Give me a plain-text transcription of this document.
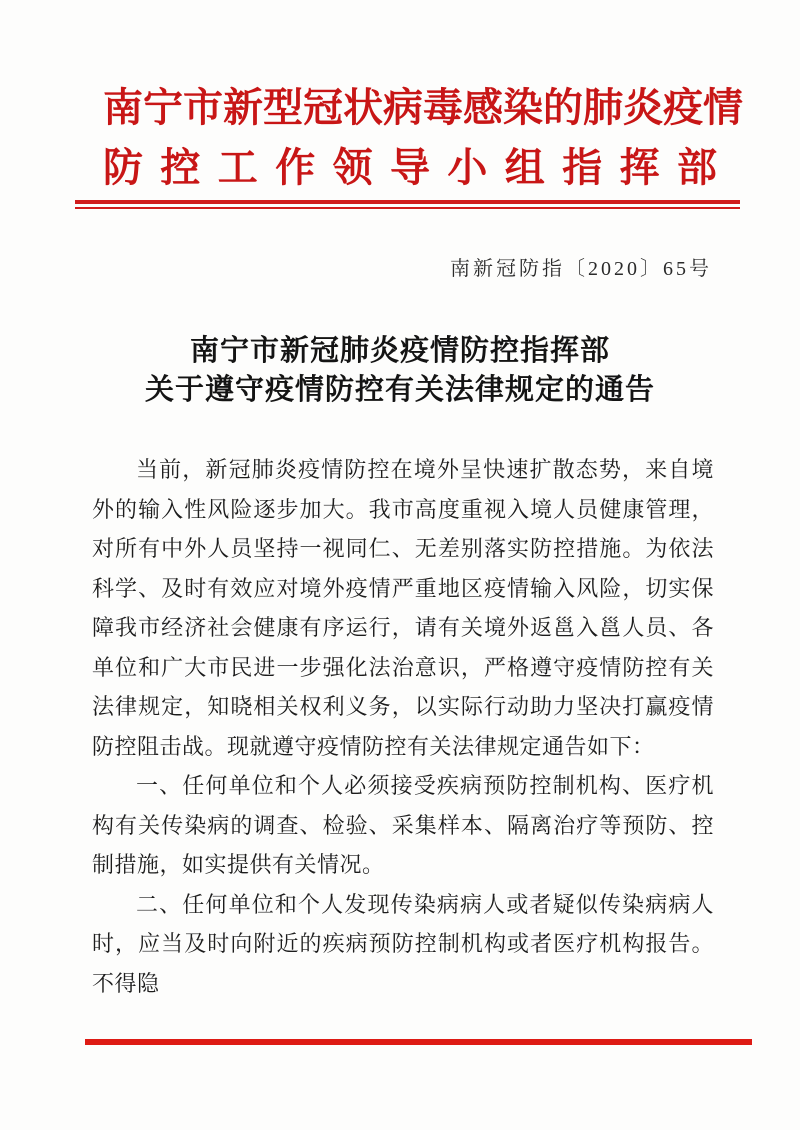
南宁市新型冠状病毒感染的肺炎疫情
防控工作领导小组指挥部
南新冠防指〔2020〕65号
南宁市新冠肺炎疫情防控指挥部
关于遵守疫情防控有关法律规定的通告

当前，新冠肺炎疫情防控在境外呈快速扩散态势，来自境外的输入性风险逐步加大。我市高度重视入境人员健康管理，对所有中外人员坚持一视同仁、无差别落实防控措施。为依法科学、及时有效应对境外疫情严重地区疫情输入风险，切实保障我市经济社会健康有序运行，请有关境外返邕入邕人员、各单位和广大市民进一步强化法治意识，严格遵守疫情防控有关法律规定，知晓相关权利义务，以实际行动助力坚决打赢疫情防控阻击战。现就遵守疫情防控有关法律规定通告如下：

一、任何单位和个人必须接受疾病预防控制机构、医疗机构有关传染病的调查、检验、采集样本、隔离治疗等预防、控制措施，如实提供有关情况。

二、任何单位和个人发现传染病病人或者疑似传染病病人时，应当及时向附近的疾病预防控制机构或者医疗机构报告。不得隐
